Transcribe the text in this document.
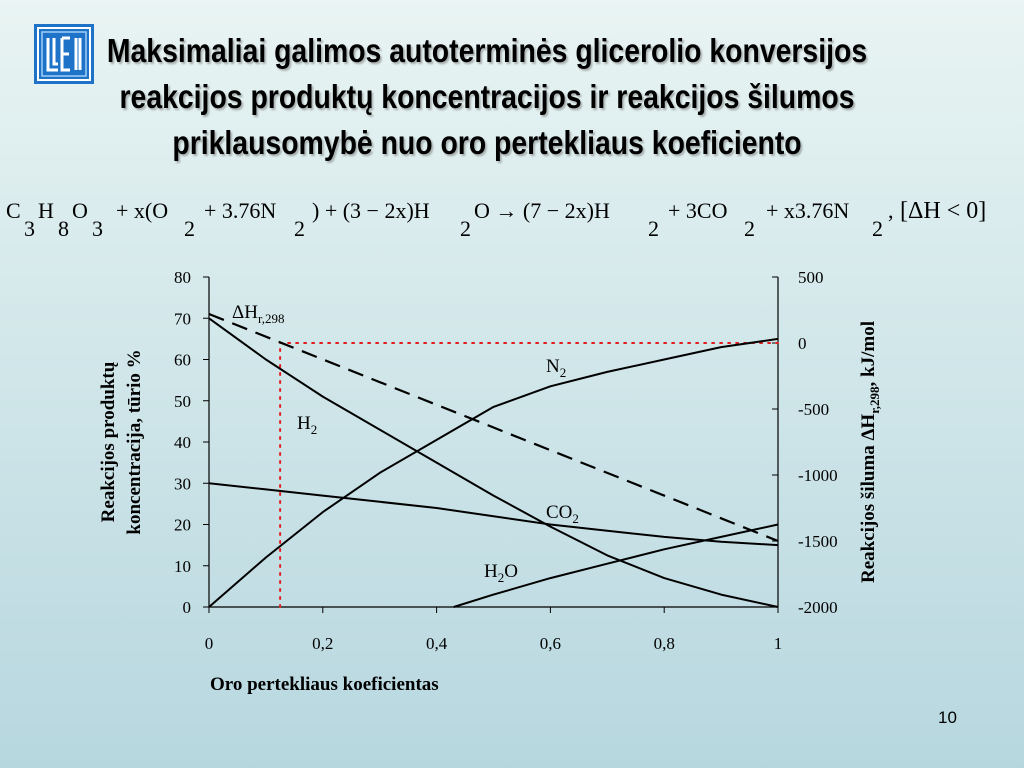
Maksimaliai galimos autoterminės glicerolio konversijos
reakcijos produktų koncentracijos ir reakcijos šilumos
priklausomybė nuo oro pertekliaus koeficiento
C
3
H
8
O
3
+ x(O
2
+ 3.76N
2
) + (3 − 2x)H
2
O → (7 − 2x)H
2
+ 3CO
2
+ x3.76N
2
, [ΔH < 0]
0	0,2	0,4	0,6	0,8	1
0
10
20
30
40
50
60
70
80
-2000
-1500
-1000
-500
0
500
$N_2$
$H_2$
$CO_2$
$H_2O$
$\Delta H_{r,298}$
Oro pertekliaus koeficientas
Reakcijos produktų koncentracija, tūrio %	Reakcijos šiluma $\Delta H_{r,298}$, kJ/mol
10
